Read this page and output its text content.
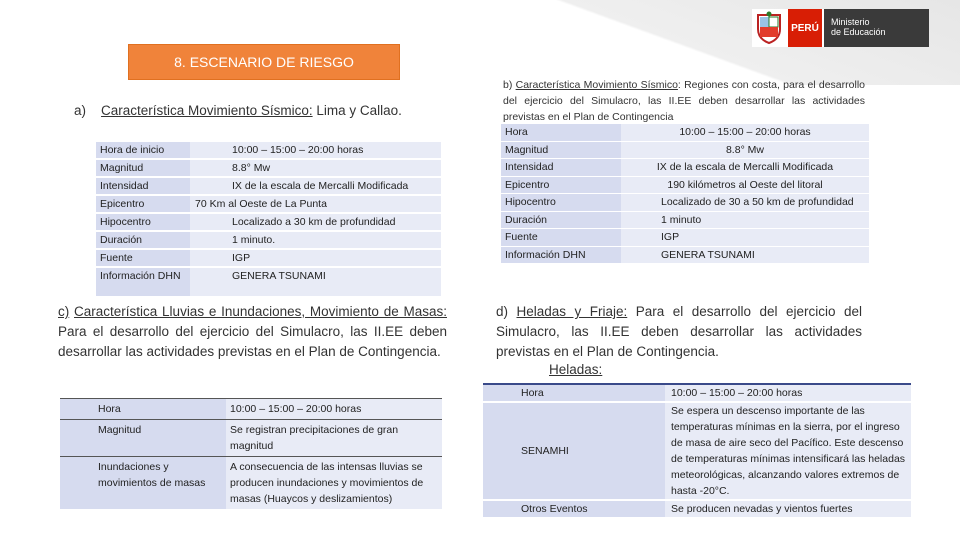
PERÚ
Ministerio
de Educación
8. ESCENARIO DE RIESGO
a) Característica Movimiento Sísmico: Lima y Callao.
Hora de inicio	10:00 – 15:00 – 20:00 horas
Magnitud	8.8° Mw
Intensidad	IX de la escala de Mercalli Modificada
Epicentro	70 Km al Oeste de La Punta
Hipocentro	Localizado a 30 km de profundidad
Duración	1 minuto.
Fuente	IGP
Información DHN	GENERA TSUNAMI
b) Característica Movimiento Sísmico: Regiones con costa, para el desarrollo del ejercicio del Simulacro, las II.EE deben desarrollar las actividades previstas en el Plan de Contingencia
Hora	10:00 – 15:00 – 20:00 horas
Magnitud	8.8° Mw
Intensidad	IX de la escala de Mercalli Modificada
Epicentro	190 kilómetros al Oeste del litoral
Hipocentro	Localizado de 30 a 50 km de profundidad
Duración	1 minuto
Fuente	IGP
Información DHN	GENERA TSUNAMI
c) Característica Lluvias e Inundaciones, Movimiento de Masas: Para el desarrollo del ejercicio del Simulacro, las II.EE deben desarrollar las actividades previstas en el Plan de Contingencia.
Hora	10:00 – 15:00 – 20:00 horas
Magnitud	Se registran precipitaciones de gran magnitud
Inundaciones y movimientos de masas	A consecuencia de las intensas lluvias se producen inundaciones y movimientos de masas (Huaycos y deslizamientos)
d) Heladas y Friaje: Para el desarrollo del ejercicio del Simulacro, las II.EE deben desarrollar las actividades previstas en el Plan de Contingencia.
Heladas:
Hora	10:00 – 15:00 – 20:00 horas
SENAMHI	Se espera un descenso importante de las temperaturas mínimas en la sierra, por el ingreso de masa de aire seco del Pacífico. Este descenso de temperaturas mínimas intensificará las heladas meteorológicas, alcanzando valores extremos de hasta -20°C.
Otros Eventos	Se producen nevadas y vientos fuertes
